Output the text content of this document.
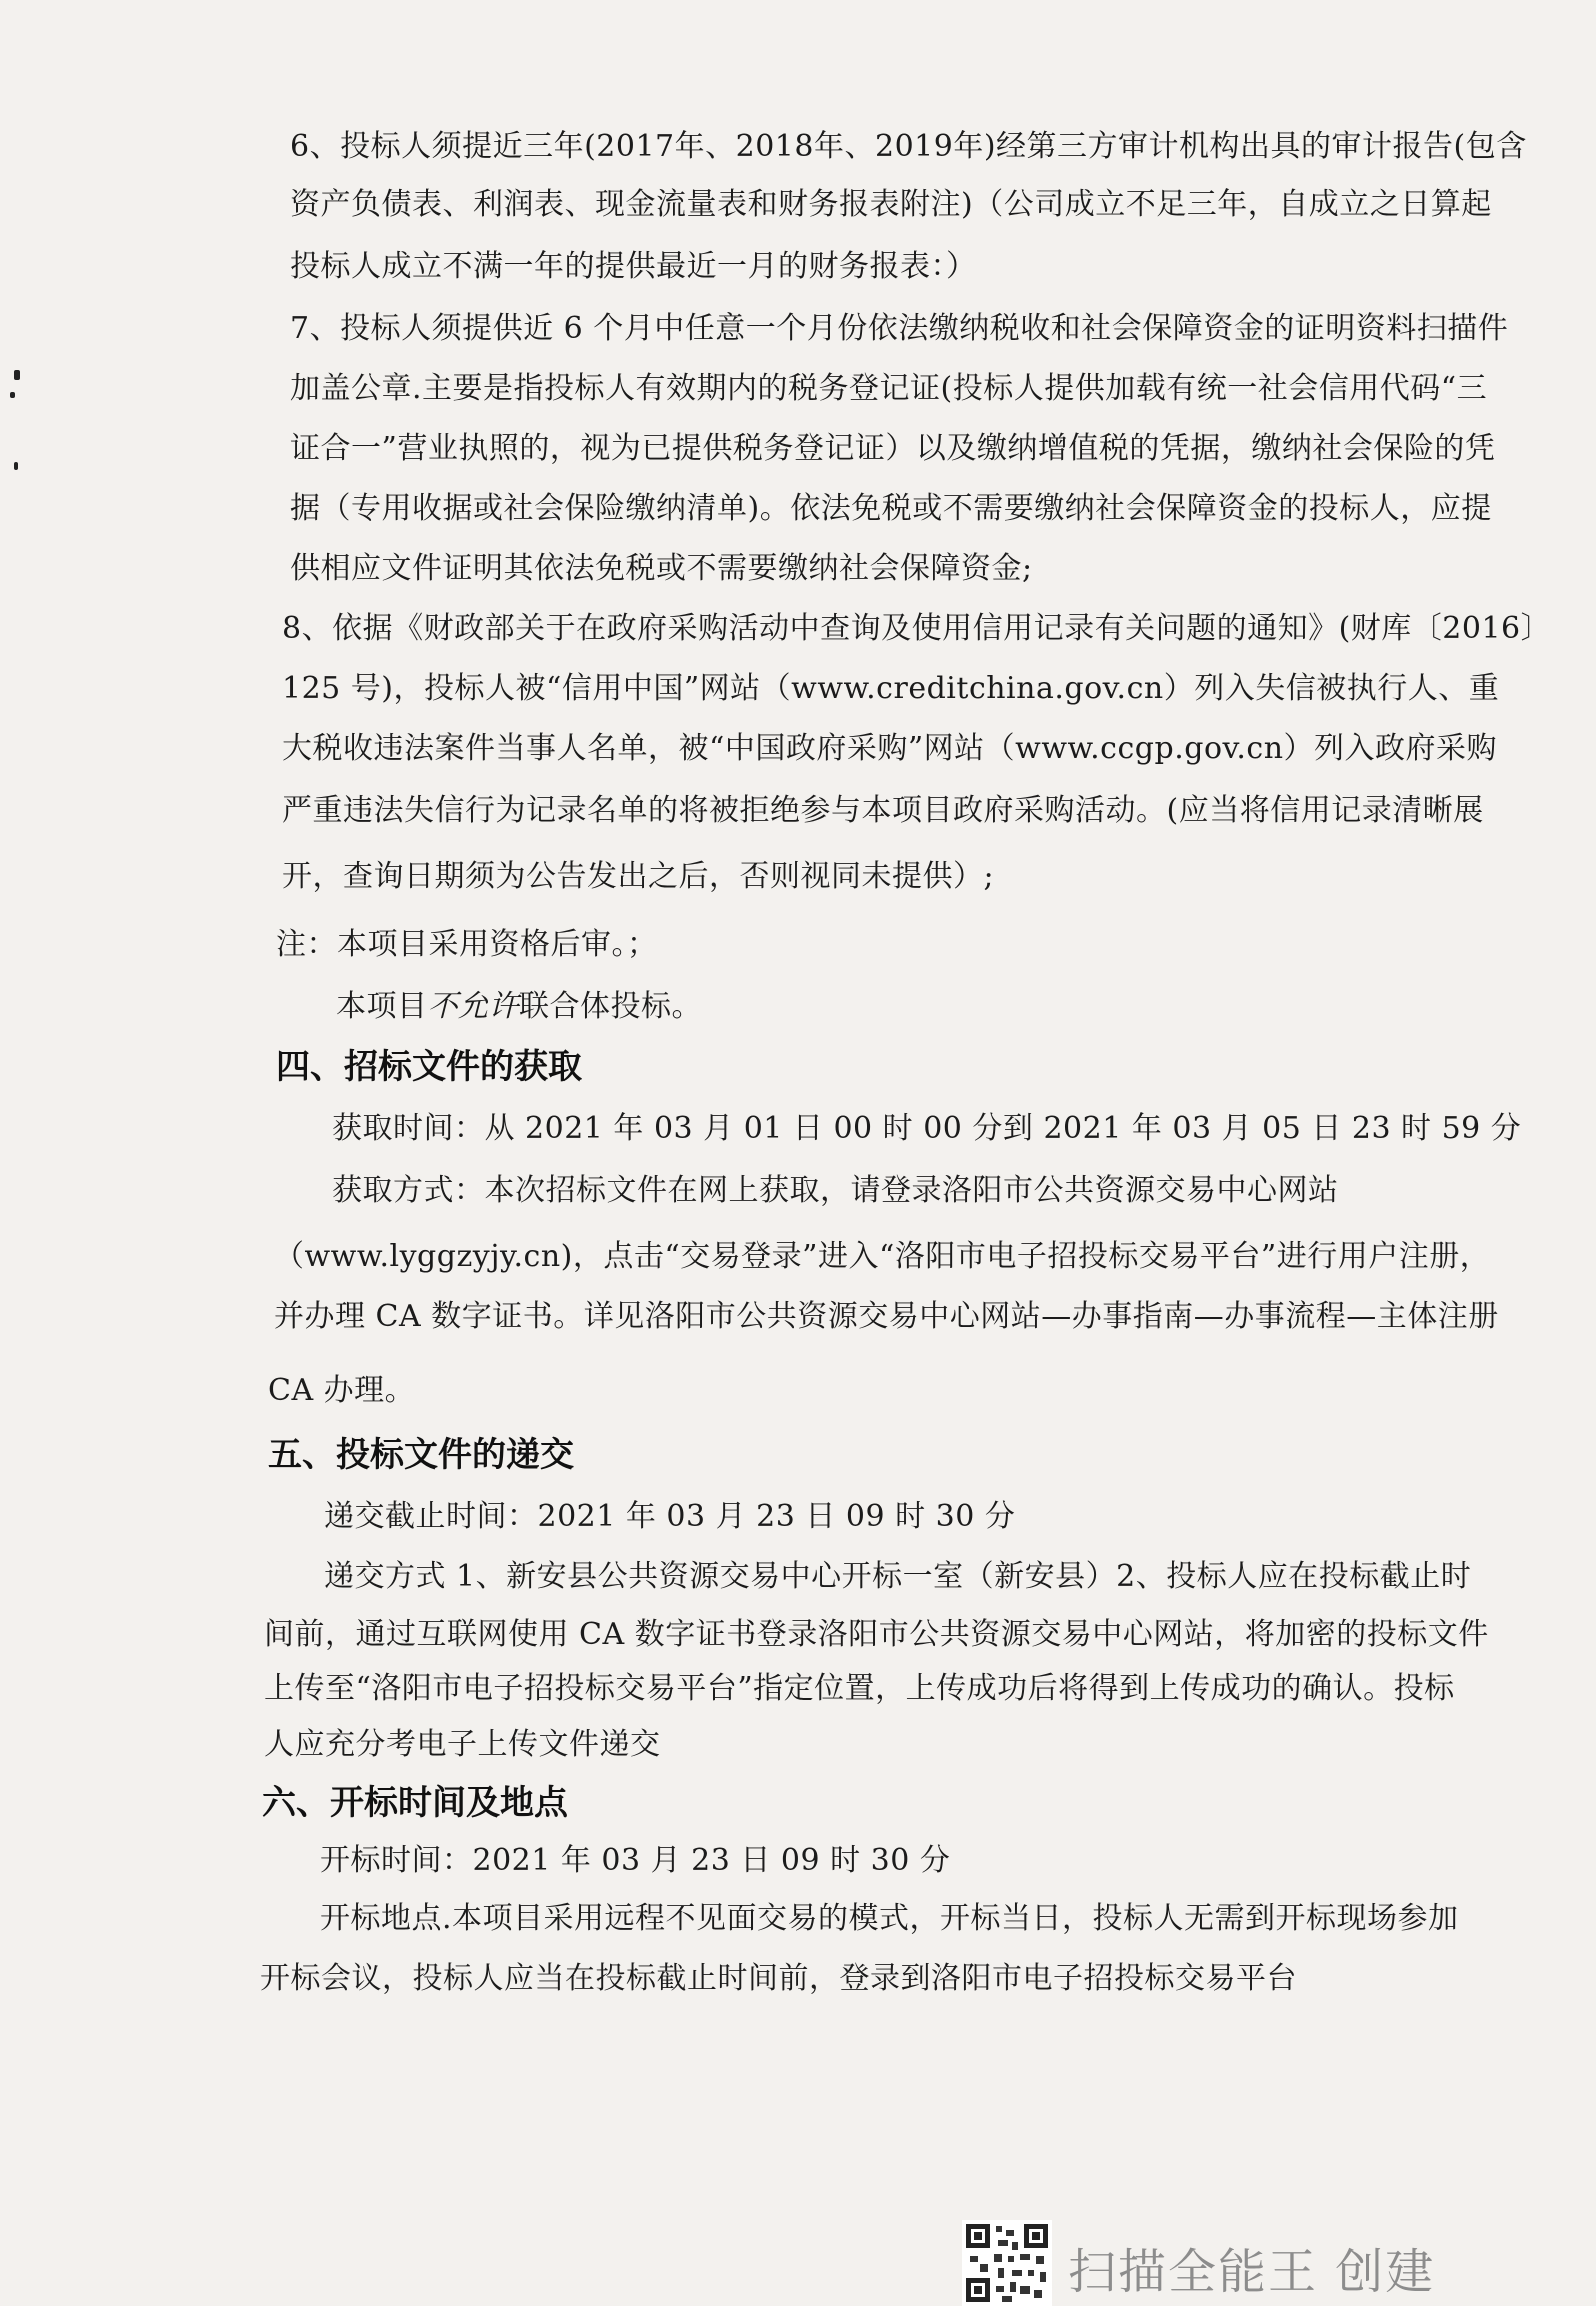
6、投标人须提近三年(2017年、2018年、2019年)经第三方审计机构出具的审计报告(包含
资产负债表、利润表、现金流量表和财务报表附注)（公司成立不足三年，自成立之日算起
投标人成立不满一年的提供最近一月的财务报表：）
7、投标人须提供近 6 个月中任意一个月份依法缴纳税收和社会保障资金的证明资料扫描件
加盖公章.主要是指投标人有效期内的税务登记证(投标人提供加载有统一社会信用代码“三
证合一”营业执照的，视为已提供税务登记证）以及缴纳增值税的凭据，缴纳社会保险的凭
据（专用收据或社会保险缴纳清单)。依法免税或不需要缴纳社会保障资金的投标人，应提
供相应文件证明其依法免税或不需要缴纳社会保障资金;
8、依据《财政部关于在政府采购活动中查询及使用信用记录有关问题的通知》(财库〔2016〕
125 号)，投标人被“信用中国”网站（www.creditchina.gov.cn）列入失信被执行人、重
大税收违法案件当事人名单，被“中国政府采购”网站（www.ccgp.gov.cn）列入政府采购
严重违法失信行为记录名单的将被拒绝参与本项目政府采购活动。(应当将信用记录清晰展
开，查询日期须为公告发出之后，否则视同未提供）;
注：本项目采用资格后审。；
本项目不允许联合体投标。
四、招标文件的获取
获取时间：从 2021 年 03 月 01 日 00 时 00 分到 2021 年 03 月 05 日 23 时 59 分
获取方式：本次招标文件在网上获取，请登录洛阳市公共资源交易中心网站
（www.lyggzyjy.cn)，点击“交易登录”进入“洛阳市电子招投标交易平台”进行用户注册，
并办理 CA 数字证书。详见洛阳市公共资源交易中心网站—办事指南—办事流程—主体注册
CA 办理。
五、投标文件的递交
递交截止时间：2021 年 03 月 23 日 09 时 30 分
递交方式 1、新安县公共资源交易中心开标一室（新安县）2、投标人应在投标截止时
间前，通过互联网使用 CA 数字证书登录洛阳市公共资源交易中心网站，将加密的投标文件
上传至“洛阳市电子招投标交易平台”指定位置，上传成功后将得到上传成功的确认。投标
人应充分考电子上传文件递交
六、开标时间及地点
开标时间：2021 年 03 月 23 日 09 时 30 分
开标地点.本项目采用远程不见面交易的模式，开标当日，投标人无需到开标现场参加
开标会议，投标人应当在投标截止时间前，登录到洛阳市电子招投标交易平台
扫描全能王 创建
